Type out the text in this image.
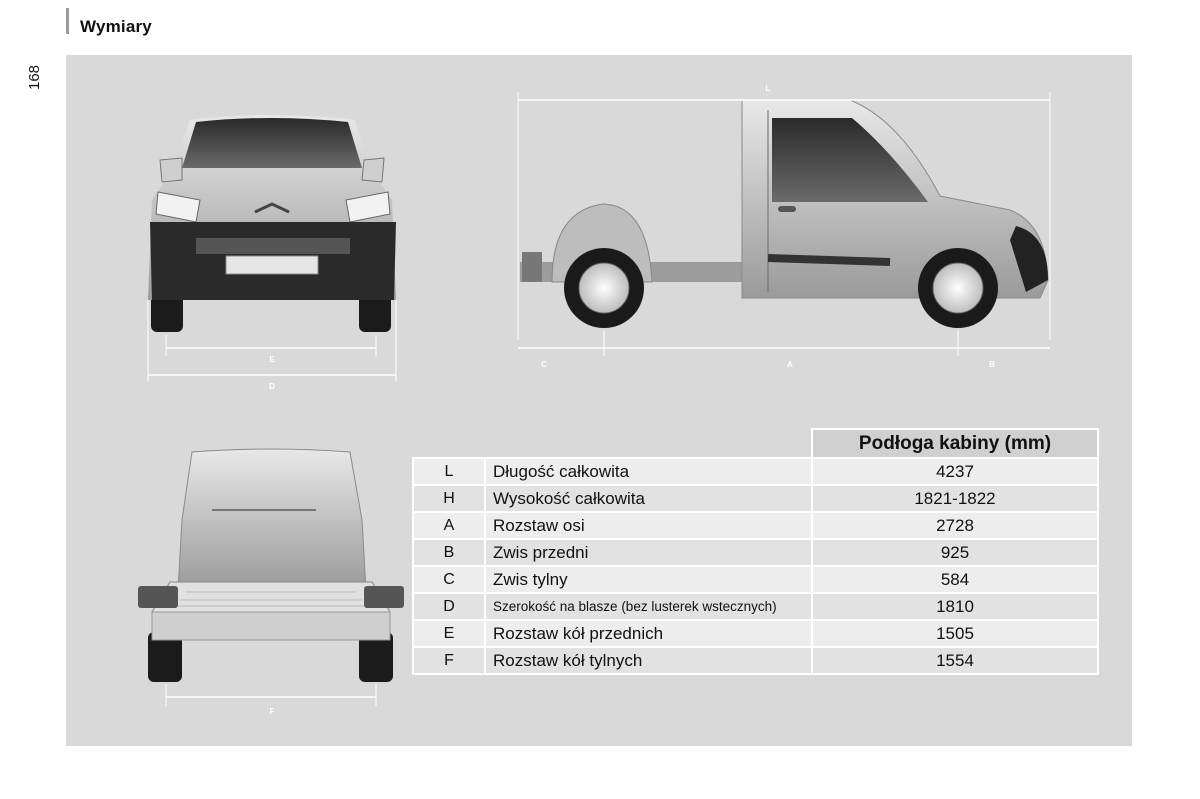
Wymiary
168
E
D
L
C	A	B
F
		Podłoga kabiny (mm)
L	Długość całkowita	4237
H	Wysokość całkowita	1821-1822
A	Rozstaw osi	2728
B	Zwis przedni	925
C	Zwis tylny	584
D	Szerokość na blasze (bez lusterek wstecznych)	1810
E	Rozstaw kół przednich	1505
F	Rozstaw kół tylnych	1554
